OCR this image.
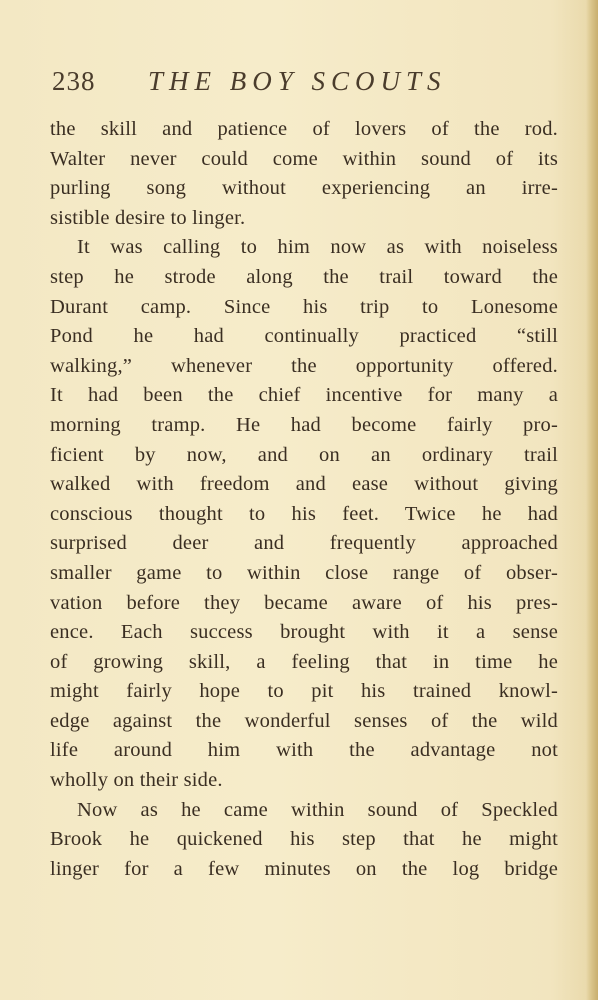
238 THE BOY SCOUTS
the skill and patience of lovers of the rod.
Walter never could come within sound of its
purling song without experiencing an irre-
sistible desire to linger.
It was calling to him now as with noiseless
step he strode along the trail toward the
Durant camp. Since his trip to Lonesome
Pond he had continually practiced “still
walking,” whenever the opportunity offered.
It had been the chief incentive for many a
morning tramp. He had become fairly pro-
ficient by now, and on an ordinary trail
walked with freedom and ease without giving
conscious thought to his feet. Twice he had
surprised deer and frequently approached
smaller game to within close range of obser-
vation before they became aware of his pres-
ence. Each success brought with it a sense
of growing skill, a feeling that in time he
might fairly hope to pit his trained knowl-
edge against the wonderful senses of the wild
life around him with the advantage not
wholly on their side.
Now as he came within sound of Speckled
Brook he quickened his step that he might
linger for a few minutes on the log bridge
